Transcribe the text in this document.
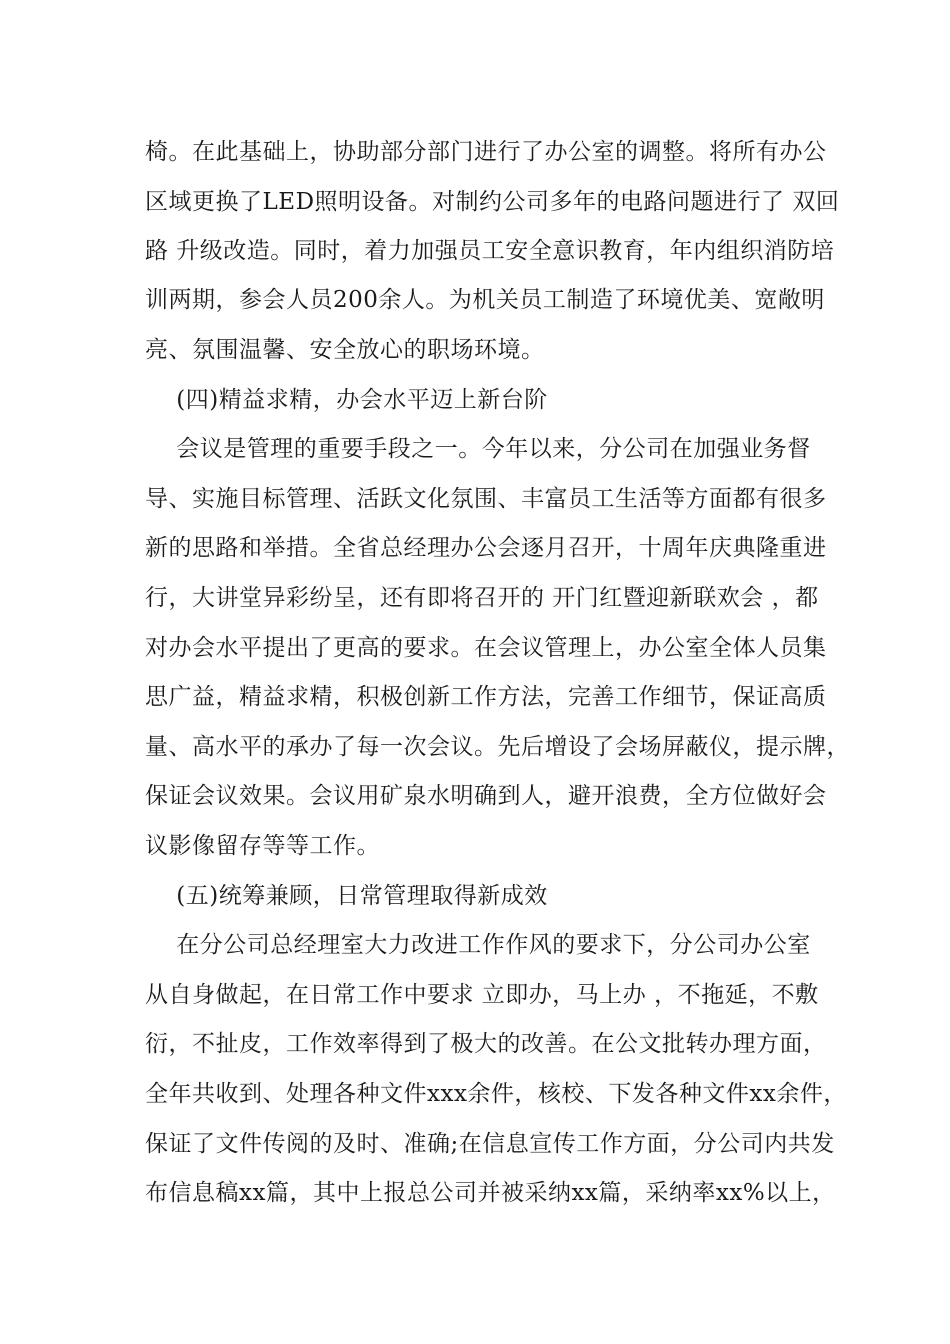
椅。在此基础上，协助部分部门进行了办公室的调整。将所有办公
区域更换了LED照明设备。对制约公司多年的电路问题进行了 双回
路 升级改造。同时，着力加强员工安全意识教育，年内组织消防培
训两期，参会人员200余人。为机关员工制造了环境优美、宽敞明
亮、氛围温馨、安全放心的职场环境。
(四)精益求精，办会水平迈上新台阶
会议是管理的重要手段之一。今年以来，分公司在加强业务督
导、实施目标管理、活跃文化氛围、丰富员工生活等方面都有很多
新的思路和举措。全省总经理办公会逐月召开，十周年庆典隆重进
行，大讲堂异彩纷呈，还有即将召开的 开门红暨迎新联欢会 ，都
对办会水平提出了更高的要求。在会议管理上，办公室全体人员集
思广益，精益求精，积极创新工作方法，完善工作细节，保证高质
量、高水平的承办了每一次会议。先后增设了会场屏蔽仪，提示牌，
保证会议效果。会议用矿泉水明确到人，避开浪费，全方位做好会
议影像留存等等工作。
(五)统筹兼顾，日常管理取得新成效
在分公司总经理室大力改进工作作风的要求下，分公司办公室
从自身做起，在日常工作中要求 立即办，马上办 ，不拖延，不敷
衍，不扯皮，工作效率得到了极大的改善。在公文批转办理方面，
全年共收到、处理各种文件xxx余件，核校、下发各种文件xx余件，
保证了文件传阅的及时、准确;在信息宣传工作方面，分公司内共发
布信息稿xx篇，其中上报总公司并被采纳xx篇，采纳率xx%以上，
